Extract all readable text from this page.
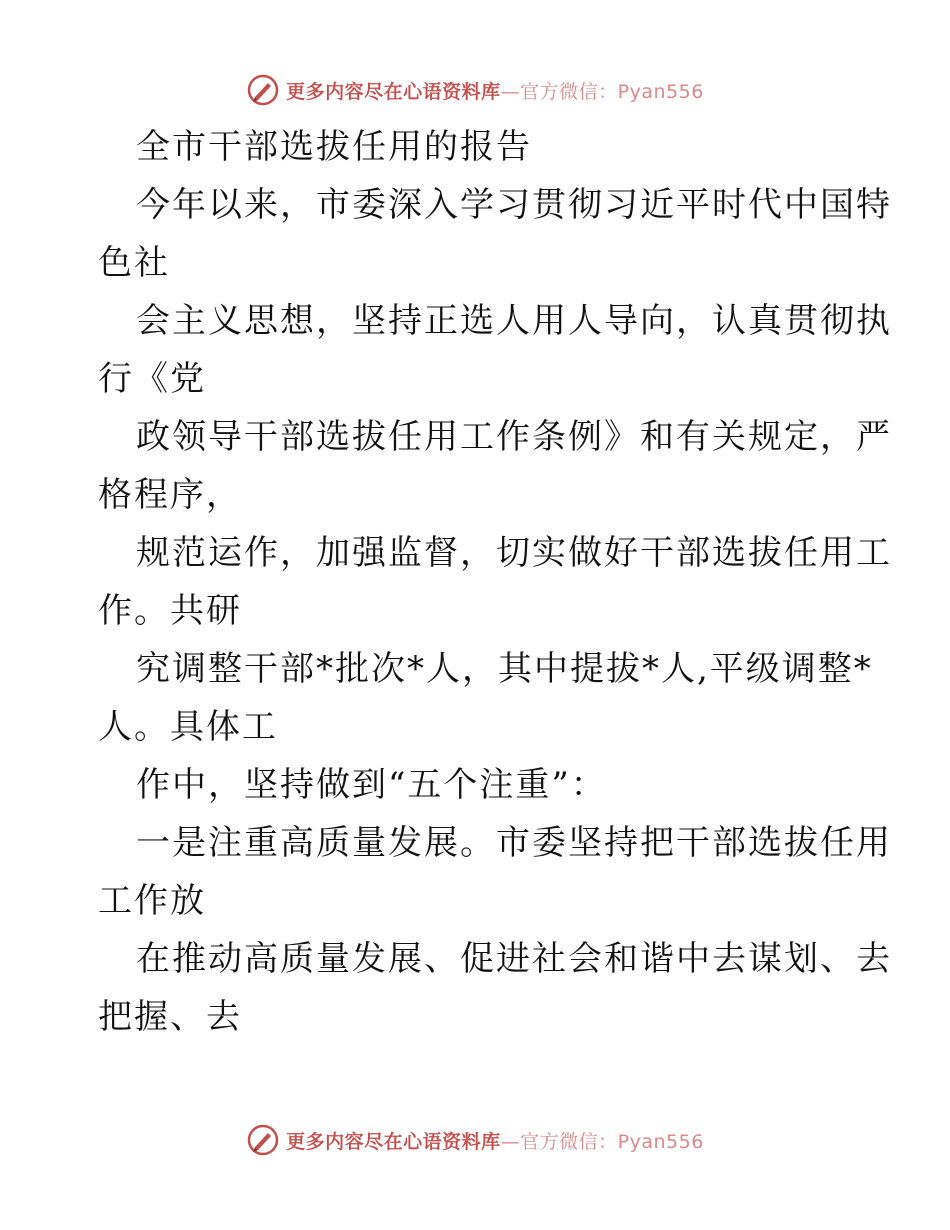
更多内容尽在心语资料库—官方微信：Pyan556
全市干部选拔任用的报告
今年以来，市委深入学习贯彻习近平时代中国特
色社
会主义思想，坚持正选人用人导向，认真贯彻执
行《党
政领导干部选拔任用工作条例》和有关规定，严
格程序，
规范运作，加强监督，切实做好干部选拔任用工
作。共研
究调整干部*批次*人，其中提拔*人,平级调整*
人。具体工
作中，坚持做到“五个注重”：
一是注重高质量发展。市委坚持把干部选拔任用
工作放
在推动高质量发展、促进社会和谐中去谋划、去
把握、去
更多内容尽在心语资料库—官方微信：Pyan556
